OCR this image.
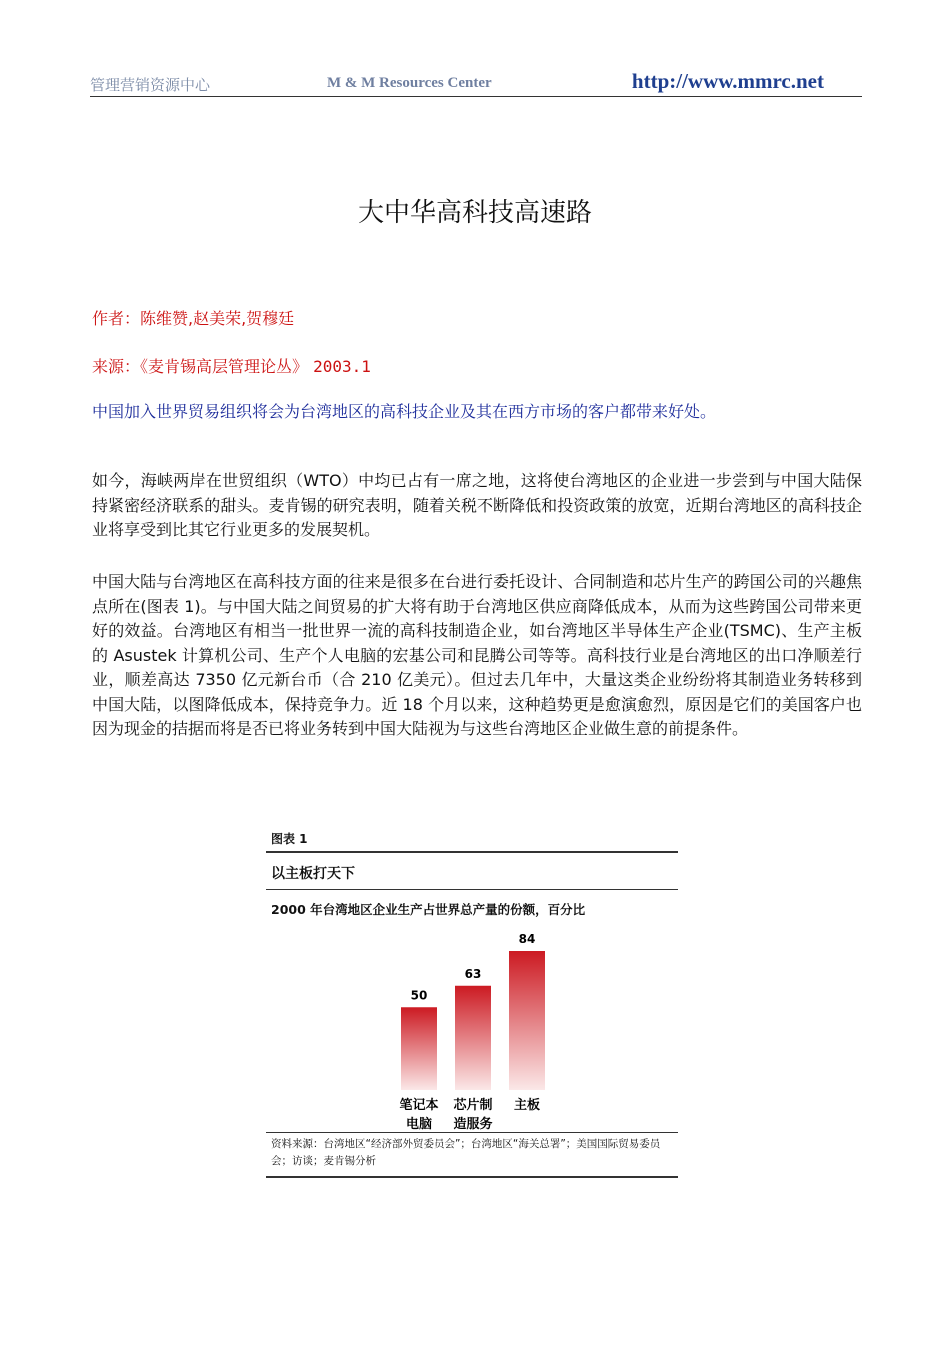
管理营销资源中心	M & M Resources Center	http://www.mmrc.net
大中华高科技高速路
作者：陈维赞,赵美荣,贺穆廷
来源：《麦肯锡高层管理论丛》 2003.1
中国加入世界贸易组织将会为台湾地区的高科技企业及其在西方市场的客户都带来好处。
如今，海峡两岸在世贸组织（WTO）中均已占有一席之地，这将使台湾地区的企业进一步尝到与中国大陆保持紧密经济联系的甜头。麦肯锡的研究表明，随着关税不断降低和投资政策的放宽，近期台湾地区的高科技企业将享受到比其它行业更多的发展契机。
中国大陆与台湾地区在高科技方面的往来是很多在台进行委托设计、合同制造和芯片生产的跨国公司的兴趣焦点所在(图表 1)。与中国大陆之间贸易的扩大将有助于台湾地区供应商降低成本，从而为这些跨国公司带来更好的效益。台湾地区有相当一批世界一流的高科技制造企业，如台湾地区半导体生产企业(TSMC)、生产主板的 Asustek 计算机公司、生产个人电脑的宏基公司和昆腾公司等等。高科技行业是台湾地区的出口净顺差行业，顺差高达 7350 亿元新台币（合 210 亿美元）。但过去几年中，大量这类企业纷纷将其制造业务转移到中国大陆，以图降低成本，保持竞争力。近 18 个月以来，这种趋势更是愈演愈烈，原因是它们的美国客户也因为现金的拮据而将是否已将业务转到中国大陆视为与这些台湾地区企业做生意的前提条件。
图表 1
以主板打天下
2000 年台湾地区企业生产占世界总产量的份额，百分比
50
笔记本
电脑
63
芯片制
造服务
84
主板
资料来源：台湾地区“经济部外贸委员会”；台湾地区“海关总署”；美国国际贸易委员会；访谈；麦肯锡分析
